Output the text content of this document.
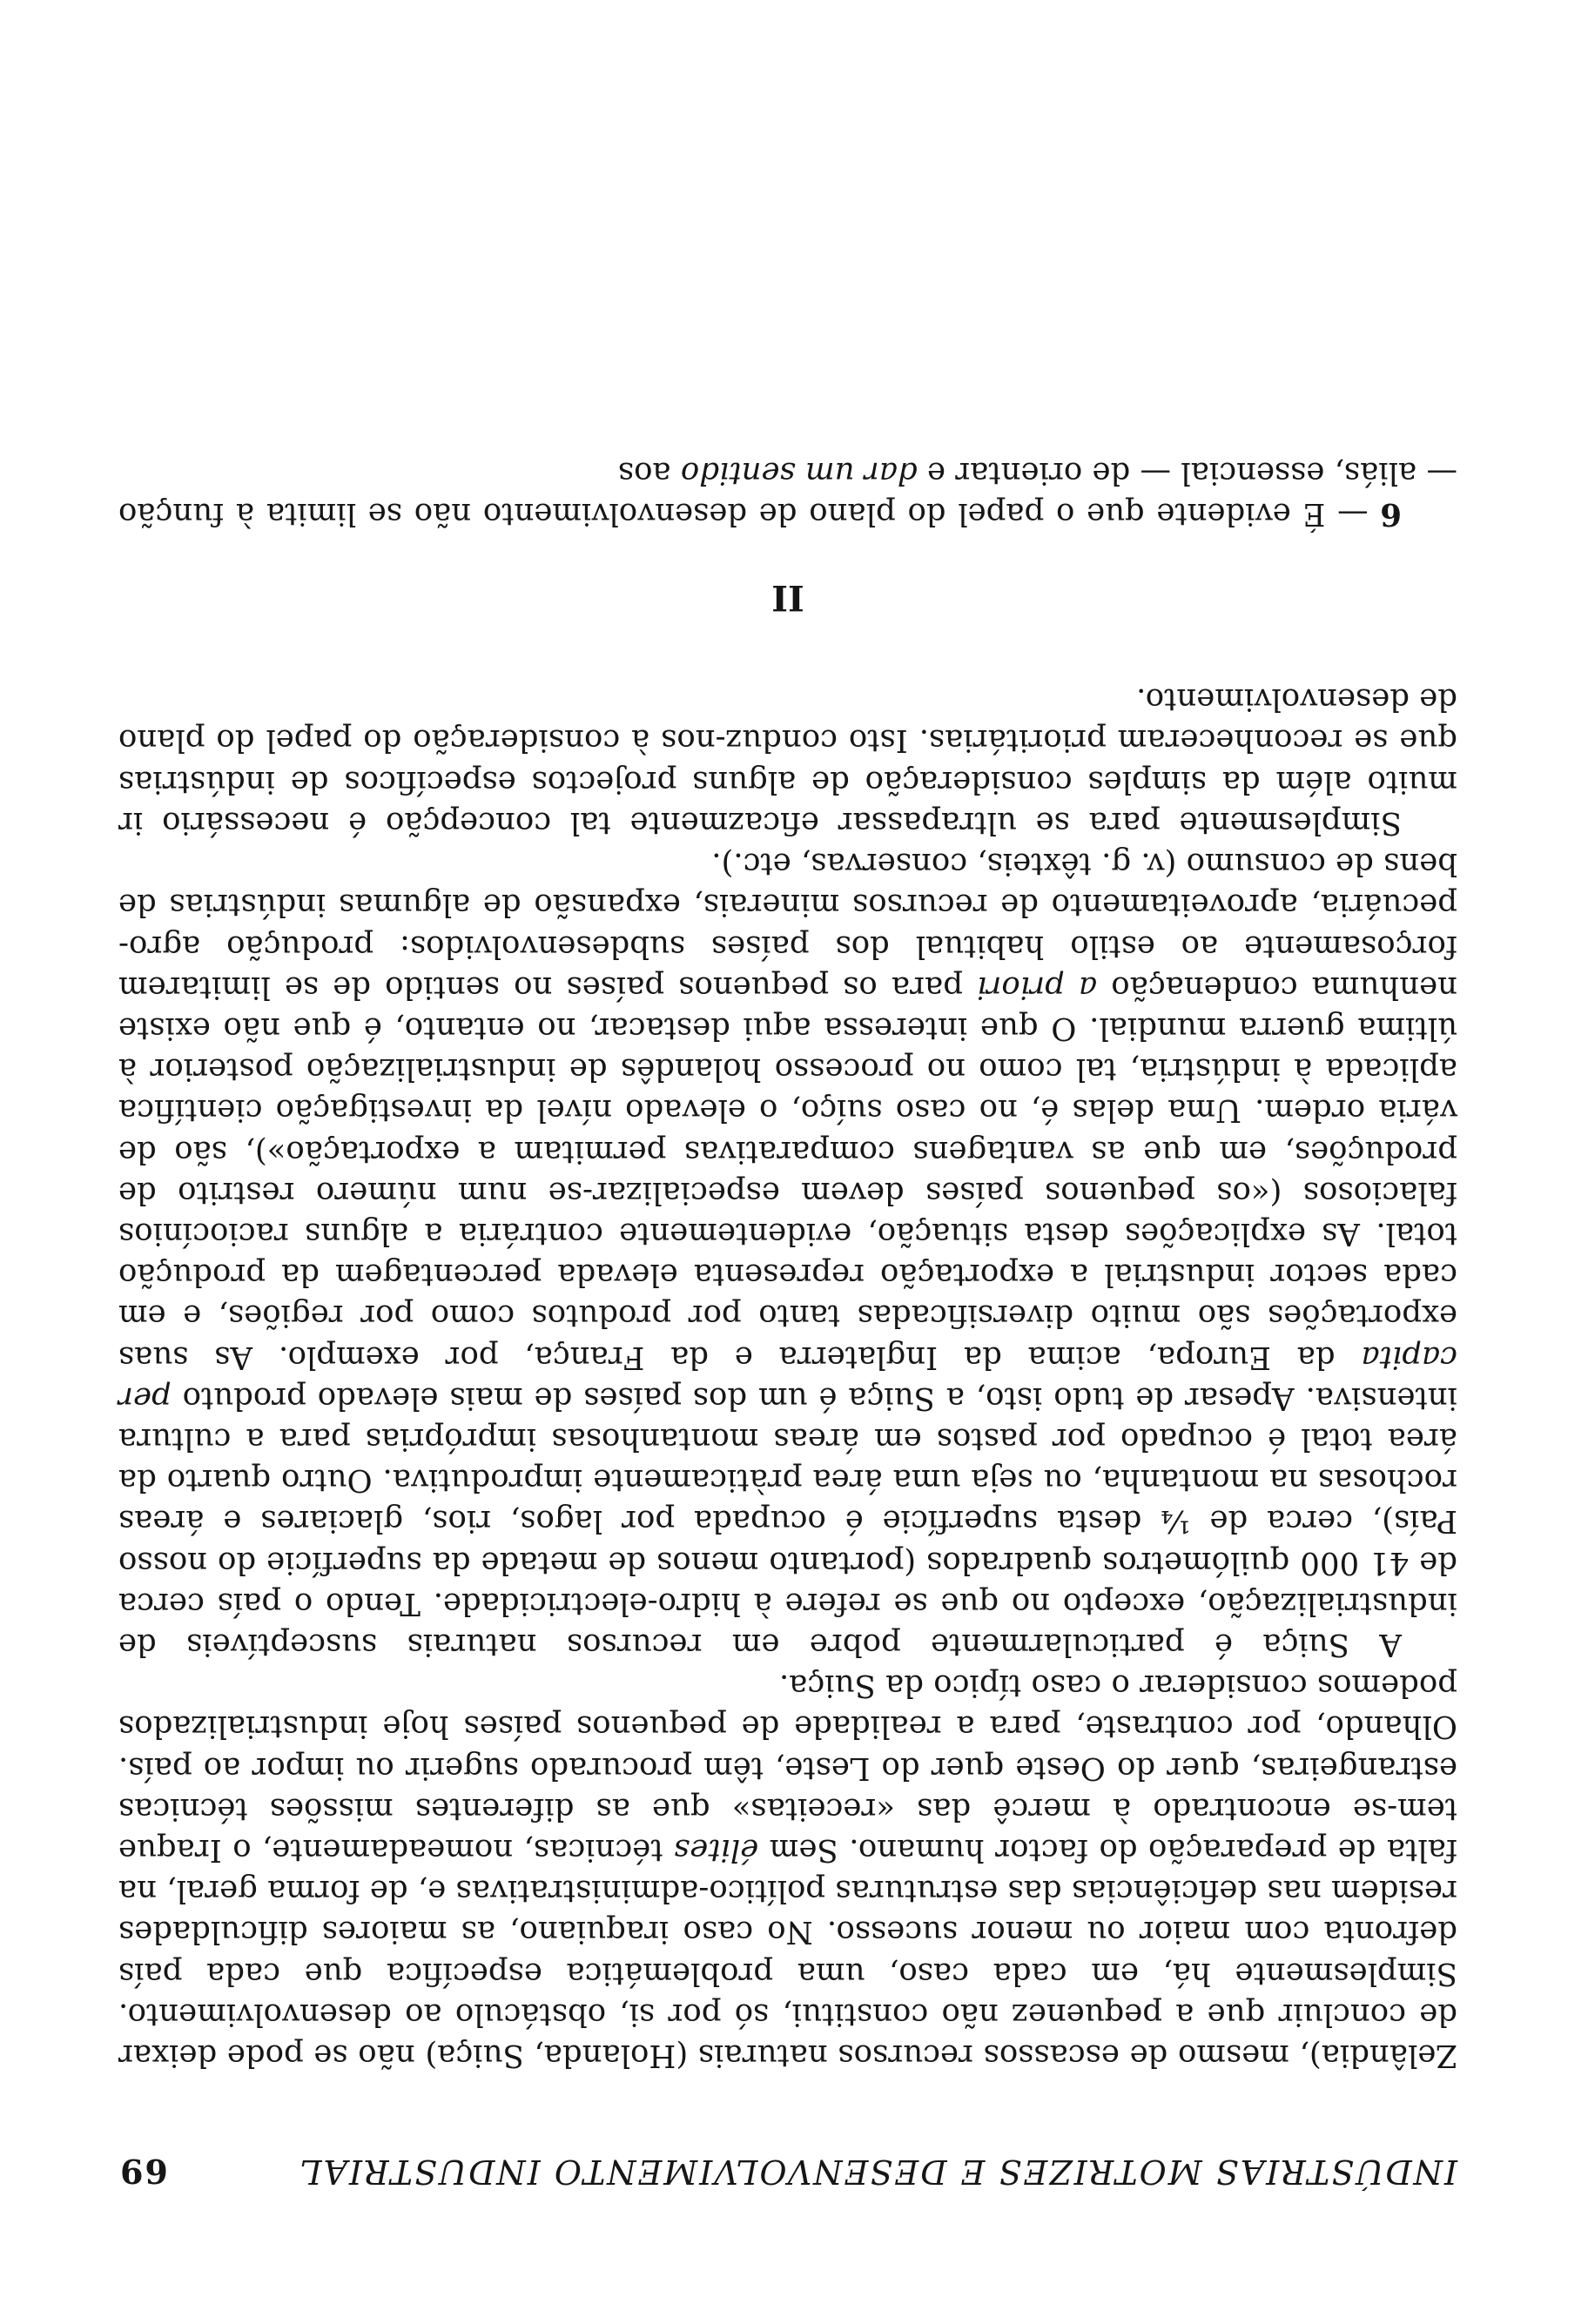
INDÚSTRIAS MOTRIZES E DESENVOLVIMENTO INDUSTRIAL
69

Zelândia), mesmo de escassos recursos naturais (Holanda, Suiça) não se pode deixar de concluir que a pequenez não constitui, só por si, obstáculo ao desenvolvimento. Simplesmente há, em cada caso, uma problemática específica que cada país defronta com maior ou menor sucesso. No caso iraquiano, as maiores dificuldades residem nas deficiências das estruturas político-administrativas e, de forma geral, na falta de preparação do factor humano. Sem élites técnicas, nomeadamente, o Iraque tem-se encontrado à mercê das «receitas» que as diferentes missões técnicas estrangeiras, quer do Oeste quer do Leste, têm procurado sugerir ou impor ao país. Olhando, por contraste, para a realidade de pequenos países hoje industrializados podemos considerar o caso típico da Suiça.

A Suiça é particularmente pobre em recursos naturais susceptíveis de industrialização, excepto no que se refere à hidro-electricidade. Tendo o país cerca de 41 000 quilómetros quadrados (portanto menos de metade da superfície do nosso País), cerca de ¼ desta superfície é ocupada por lagos, rios, glaciares e áreas rochosas na montanha, ou seja uma área pràticamente improdutiva. Outro quarto da área total é ocupado por pastos em áreas montanhosas impróprias para a cultura intensiva. Apesar de tudo isto, a Suiça é um dos países de mais elevado produto per capita da Europa, acima da Inglaterra e da França, por exemplo. As suas exportações são muito diversificadas tanto por produtos como por regiões, e em cada sector industrial a exportação representa elevada percentagem da produção total. As explicações desta situação, evidentemente contrária a alguns raciocínios falaciosos («os pequenos países devem especializar-se num número restrito de produções, em que as vantagens comparativas permitam a exportação»), são de vária ordem. Uma delas é, no caso suíço, o elevado nível da investigação científica aplicada à indústria, tal como no processo holandês de industrialização posterior à última guerra mundial. O que interessa aqui destacar, no entanto, é que não existe nenhuma condenação a priori para os pequenos países no sentido de se limitarem forçosamente ao estilo habitual dos países subdesenvolvidos: produção agro-pecuária, aproveitamento de recursos minerais, expansão de algumas indústrias de bens de consumo (v. g. têxteis, conservas, etc.).

Simplesmente para se ultrapassar eficazmente tal concepção é necessário ir muito além da simples consideração de alguns projectos específicos de indústrias que se reconheceram prioritárias. Isto conduz-nos à consideração do papel do plano de desenvolvimento.

II

6 — É evidente que o papel do plano de desenvolvimento não se limita à função — aliás, essencial — de orientar e dar um sentido aos
